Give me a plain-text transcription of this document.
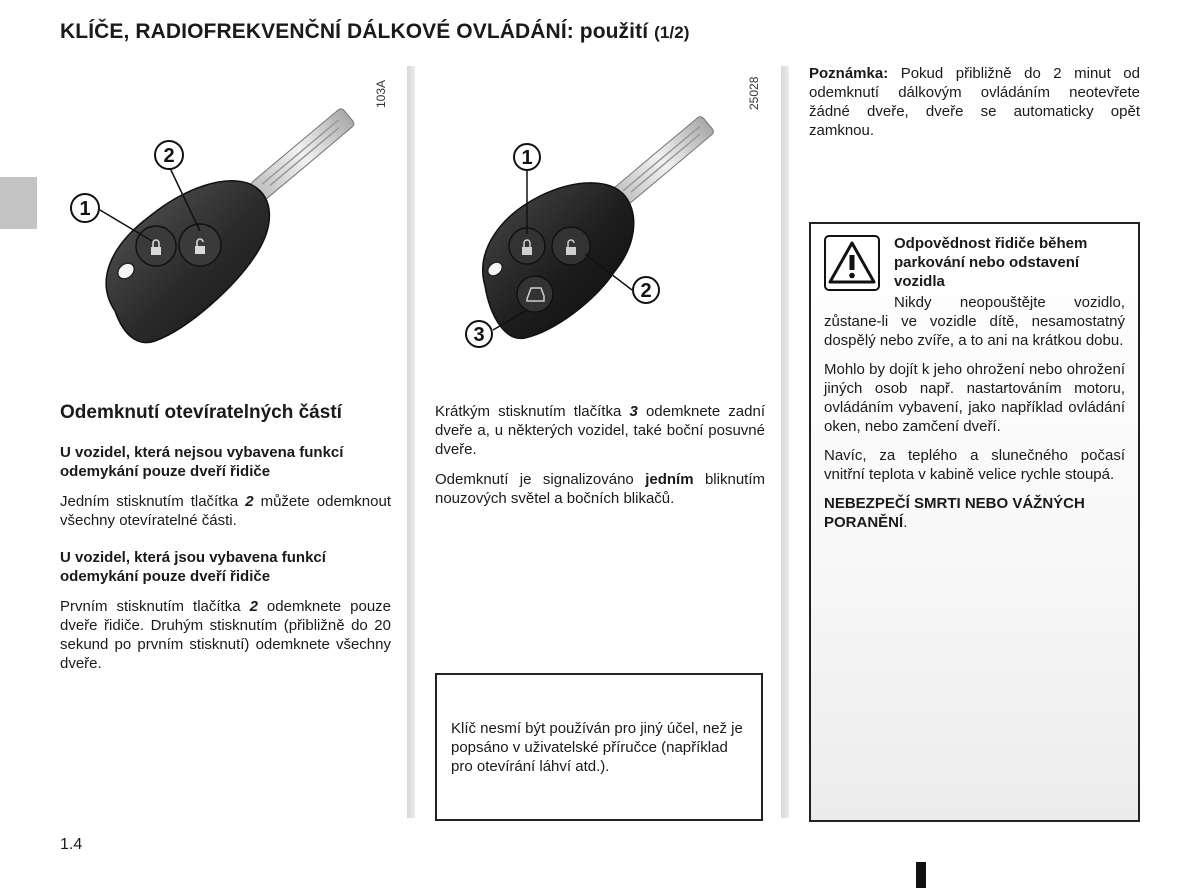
KLÍČE, RADIOFREKVENČNÍ DÁLKOVÉ OVLÁDÁNÍ: použití (1/2)
2
1
103A
1
2
3
25028
Odemknutí otevíratelných částí
U vozidel, která nejsou vybavena funkcí odemykání pouze dveří řidiče
Jedním stisknutím tlačítka 2 můžete odemknout všechny otevíratelné části.
U vozidel, která jsou vybavena funkcí odemykání pouze dveří řidiče
Prvním stisknutím tlačítka 2 odemknete pouze dveře řidiče. Druhým stisknutím (přibližně do 20 sekund po prvním stisknutí) odemknete všechny dveře.

Krátkým stisknutím tlačítka 3 odemknete zadní dveře a, u některých vozidel, také boční posuvné dveře.

Odemknutí je signalizováno jedním bliknutím nouzových světel a bočních blikačů.

Klíč nesmí být používán pro jiný účel, než je popsáno v uživatelské příručce (například pro otevírání láhví atd.).
Poznámka: Pokud přibližně do 2 minut od odemknutí dálkovým ovládáním neotevřete žádné dveře, dveře se automaticky opět zamknou.
Odpovědnost řidiče během parkování nebo odstavení vozidla
Nikdy neopouštějte vozidlo, zůstane-li ve vozidle dítě, nesamostatný dospělý nebo zvíře, a to ani na krátkou dobu.
Mohlo by dojít k jeho ohrožení nebo ohrožení jiných osob např. nastartováním motoru, ovládáním vybavení, jako například ovládání oken, nebo zamčení dveří.
Navíc, za teplého a slunečného počasí vnitřní teplota v kabině velice rychle stoupá.
NEBEZPEČÍ SMRTI NEBO VÁŽNÝCH PORANĚNÍ.
1.4
